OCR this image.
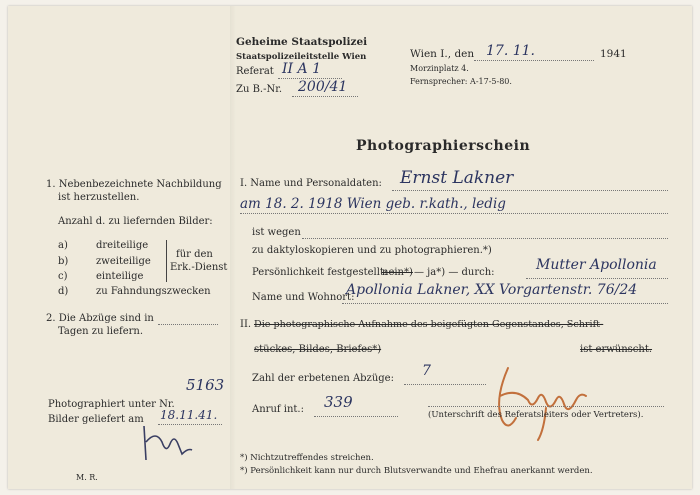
Geheime Staatspolizei
Staatspolizeileitstelle Wien
Referat II A 1
Zu B.-Nr. 200/41
Wien I., den 17. 11.	1941
Morzinplatz 4.
Fernsprecher: A-17-5-80.
Photographierschein
1. Nebenbezeichnete Nachbildung
ist herzustellen.
Anzahl d. zu liefernden Bilder:
a)	dreiteilige
b)	zweiteilige
c)	einteilige
d)	zu Fahndungszwecken
für den
Erk.-Dienst
2. Die Abzüge sind in
Tagen zu liefern.
Photographiert unter Nr.
5163
Bilder geliefert am 18.11.41.
M. R.
I. Name und Personaldaten: Ernst Lakner
am 18. 2. 1918 Wien geb. r.kath., ledig
ist wegen
zu daktyloskopieren und zu photographieren.*)
Persönlichkeit festgestellt:
nein*) — ja*) — durch:	Mutter Apollonia
Name und Wohnort:
Apollonia Lakner, XX Vorgartenstr. 76/24
II. Die photographische Aufnahme des beigefügten Gegenstandes, Schrift-
stückes, Bildes, Briefes*)	ist erwünscht.
Zahl der erbetenen Abzüge: 7
Anruf int.: 339
(Unterschrift des Referatsleiters oder Vertreters).
*) Nichtzutreffendes streichen.
*) Persönlichkeit kann nur durch Blutsverwandte und Ehefrau anerkannt werden.
